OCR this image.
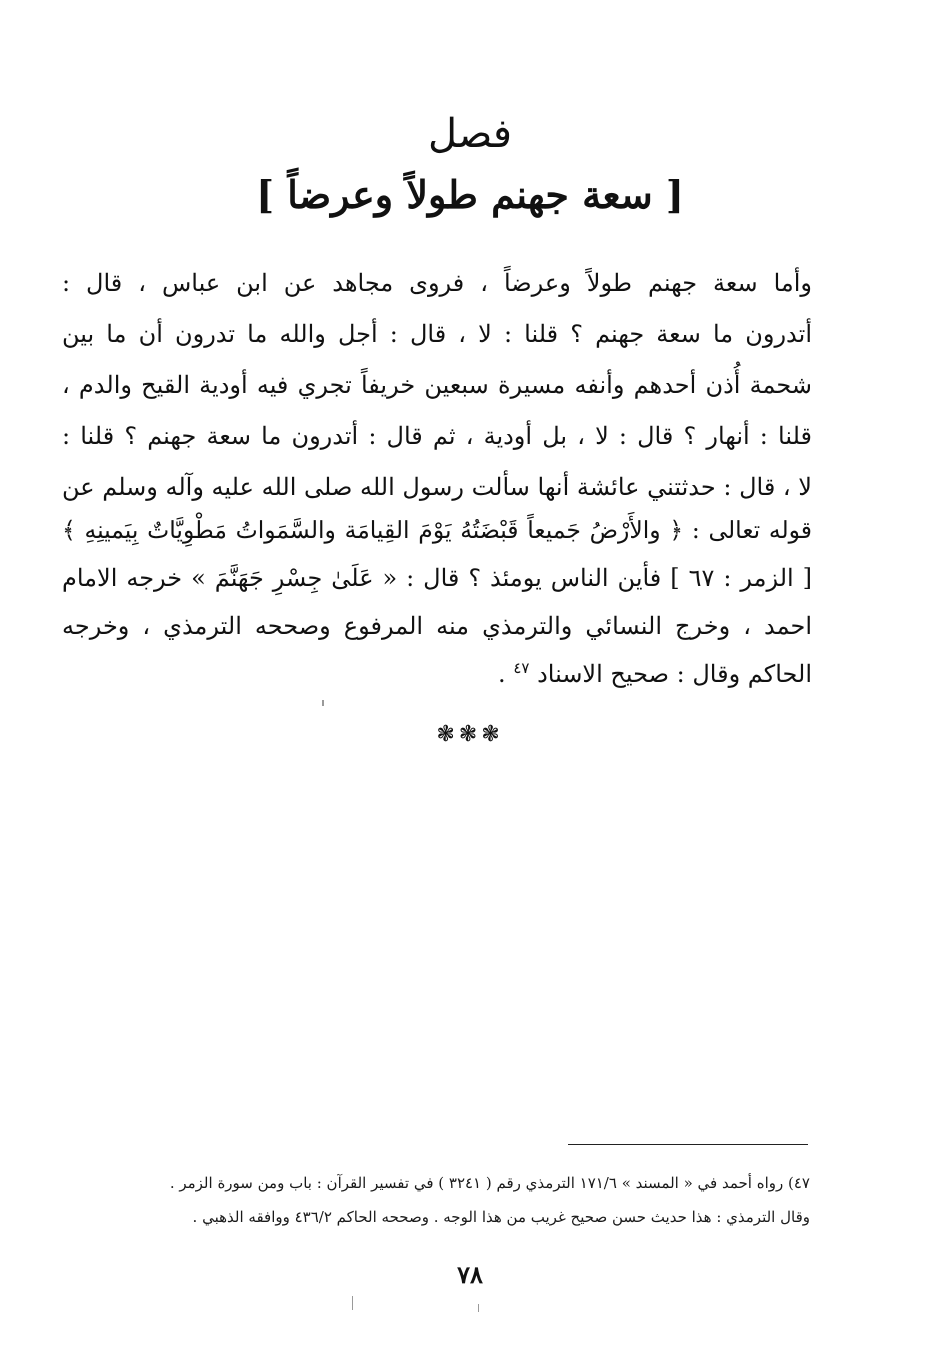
فصل
[ سعة جهنم طولاً وعرضاً ]
وأما سعة جهنم طولاً وعرضاً ، فروى مجاهد عن ابن عباس ، قال :
أتدرون ما سعة جهنم ؟ قلنا : لا ، قال : أجل والله ما تدرون أن ما بين
شحمة أُذن أحدهم وأنفه مسيرة سبعين خريفاً تجري فيه أودية القيح والدم ،
قلنا : أنهار ؟ قال : لا ، بل أودية ، ثم قال : أتدرون ما سعة جهنم ؟ قلنا :
لا ، قال : حدثتني عائشة أنها سألت رسول الله صلى الله عليه وآله وسلم عن
قوله تعالى : ﴿ والأَرْضُ جَميعاً قَبْضَتُهُ يَوْمَ القِيامَة والسَّمَواتُ مَطْوِيَّاتٌ بِيَمينِهِ ﴾
[ الزمر : ٦٧ ] فأين الناس يومئذ ؟ قال : « عَلَىٰ جِسْرِ جَهَنَّمَ » خرجه الامام
احمد ، وخرج النسائي والترمذي منه المرفوع وصححه الترمذي ، وخرجه
الحاكم وقال : صحيح الاسناد $^{٤٧}$ .
❃❃❃
٤٧) رواه أحمد في « المسند » ١٧١/٦ الترمذي رقم ( ٣٢٤١ ) في تفسير القرآن : باب ومن سورة الزمر .
وقال الترمذي : هذا حديث حسن صحيح غريب من هذا الوجه . وصححه الحاكم ٤٣٦/٢ ووافقه الذهبي .
٧٨
